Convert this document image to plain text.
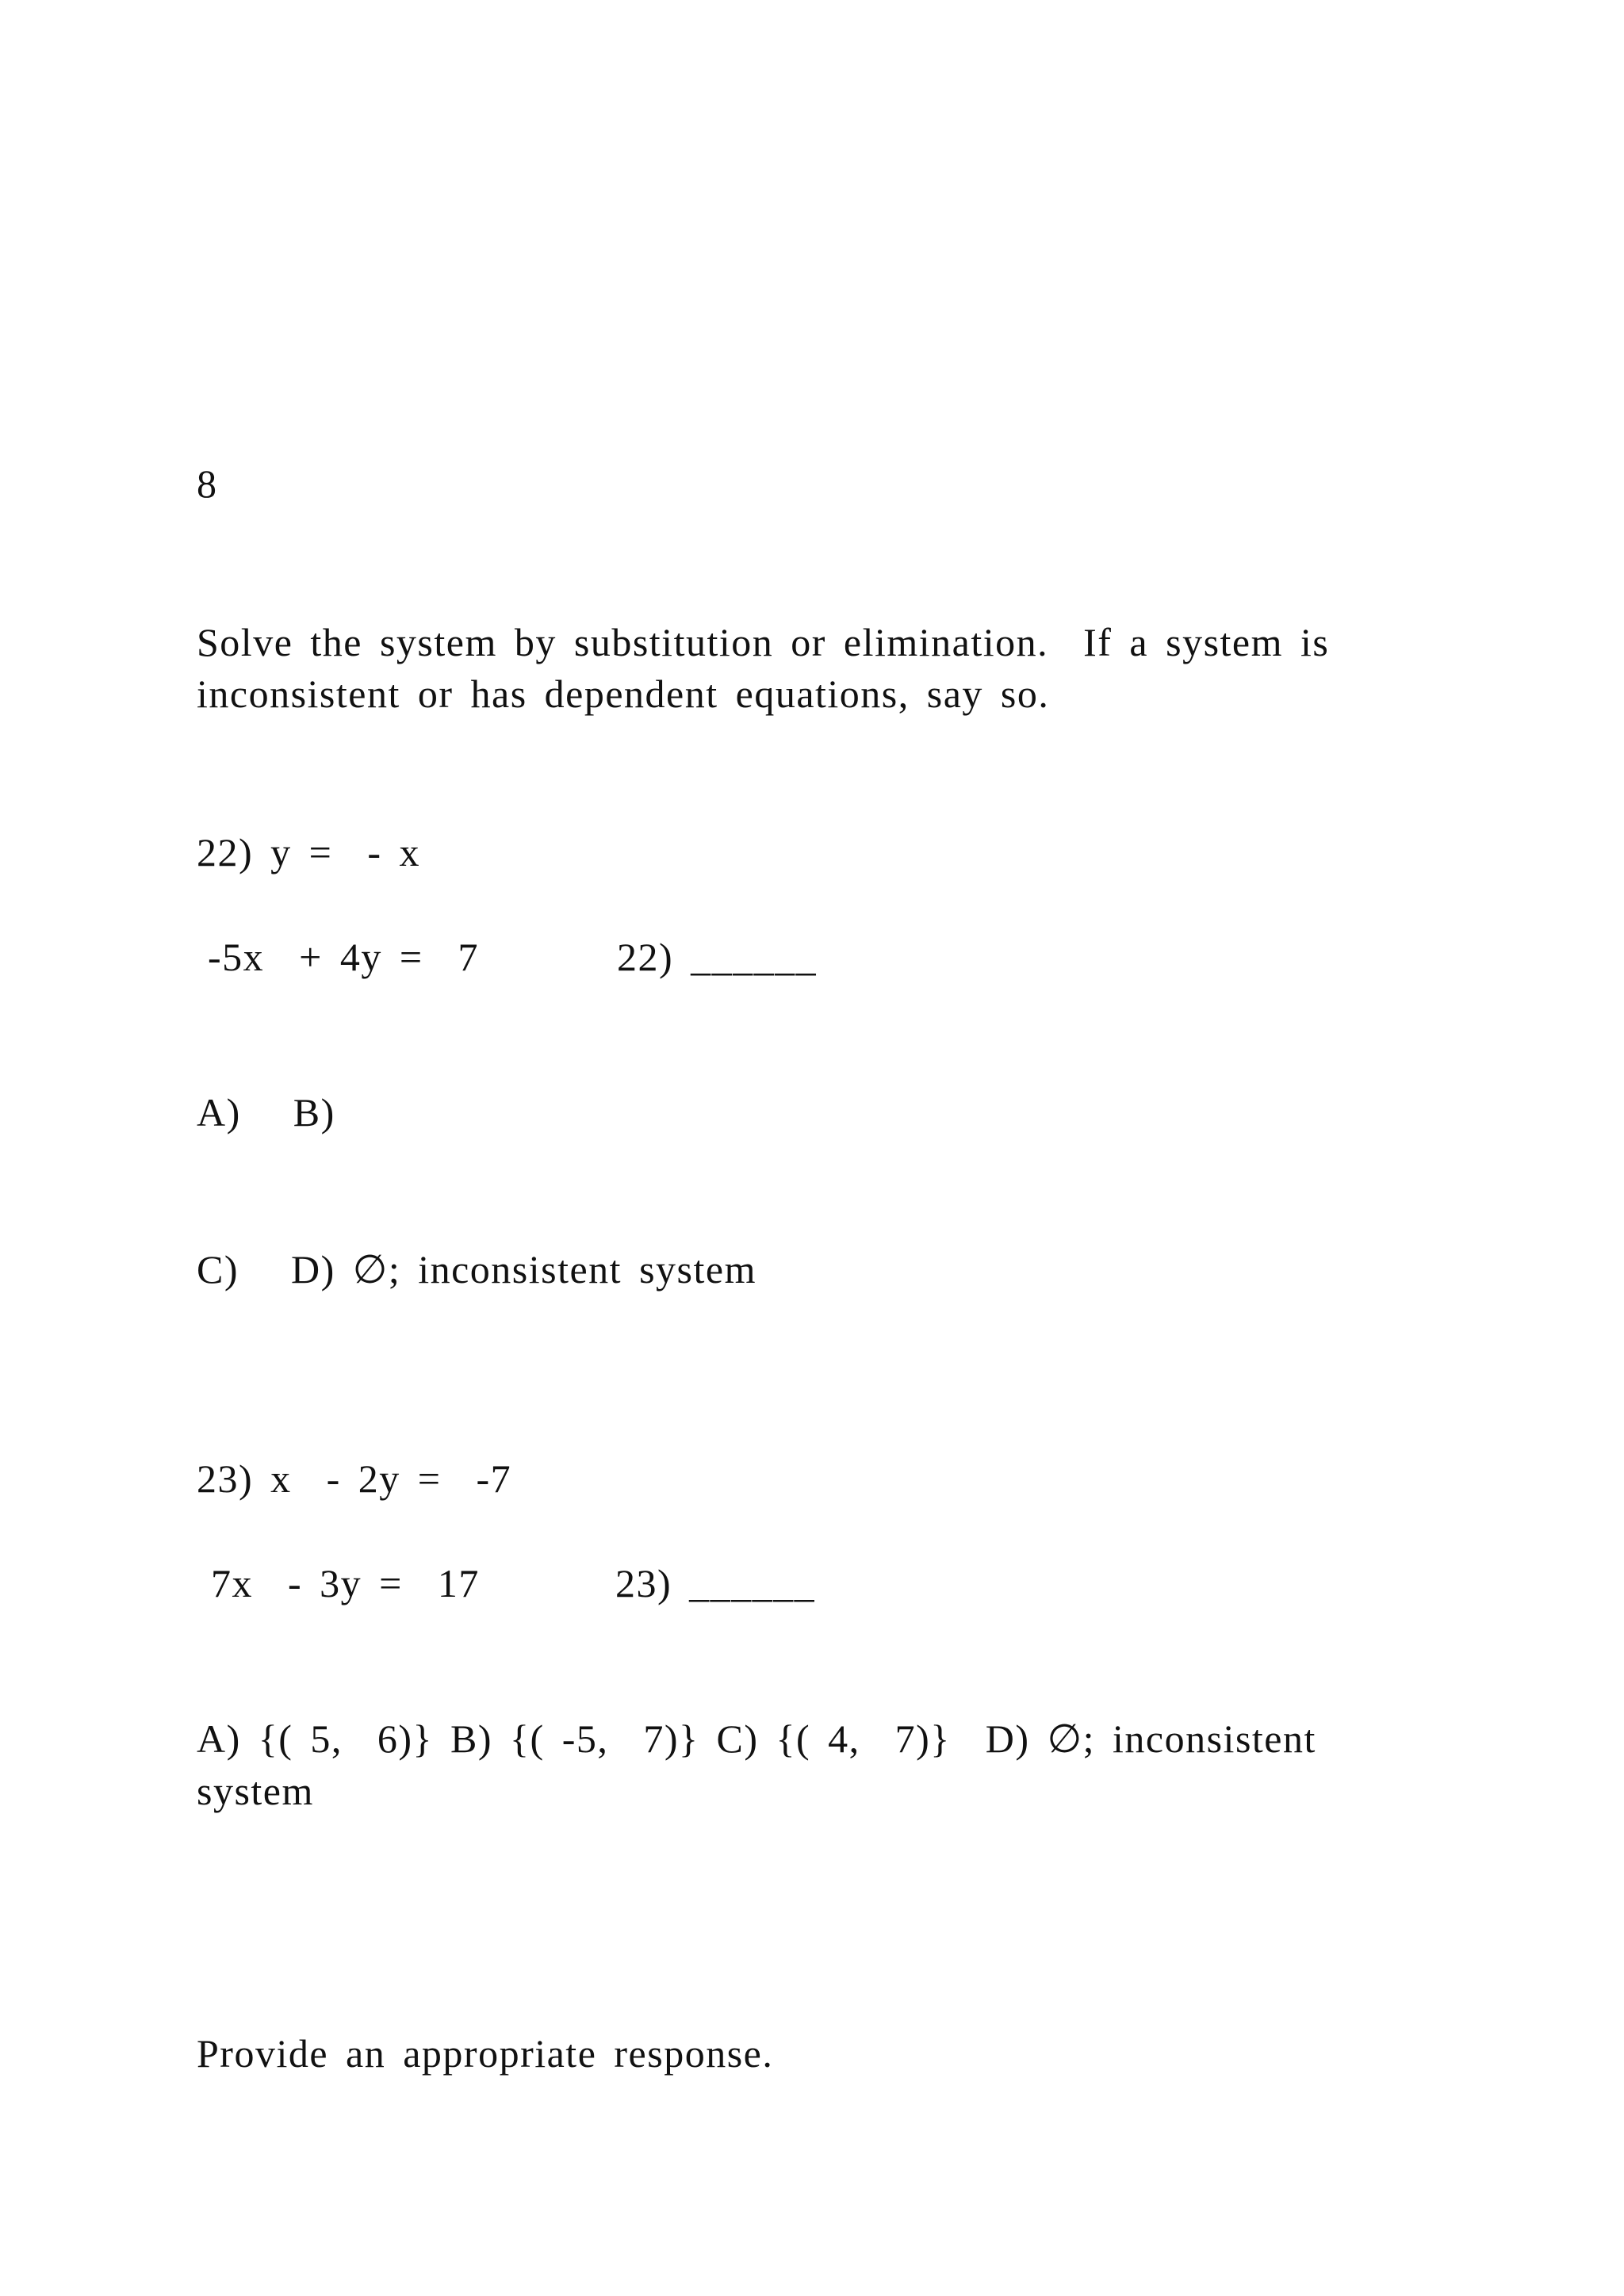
8
Solve the system by substitution or elimination.  If a system is
inconsistent or has dependent equations, say so.
22) y =  - x
-5x  + 4y =  7	22) ______
A)   B)
C)   D) ∅; inconsistent system
23) x  - 2y =  -7
7x  - 3y =  17	23) ______
A) {( 5,  6)} B) {( -5,  7)} C) {( 4,  7)}  D) ∅; inconsistent
system
Provide an appropriate response.
